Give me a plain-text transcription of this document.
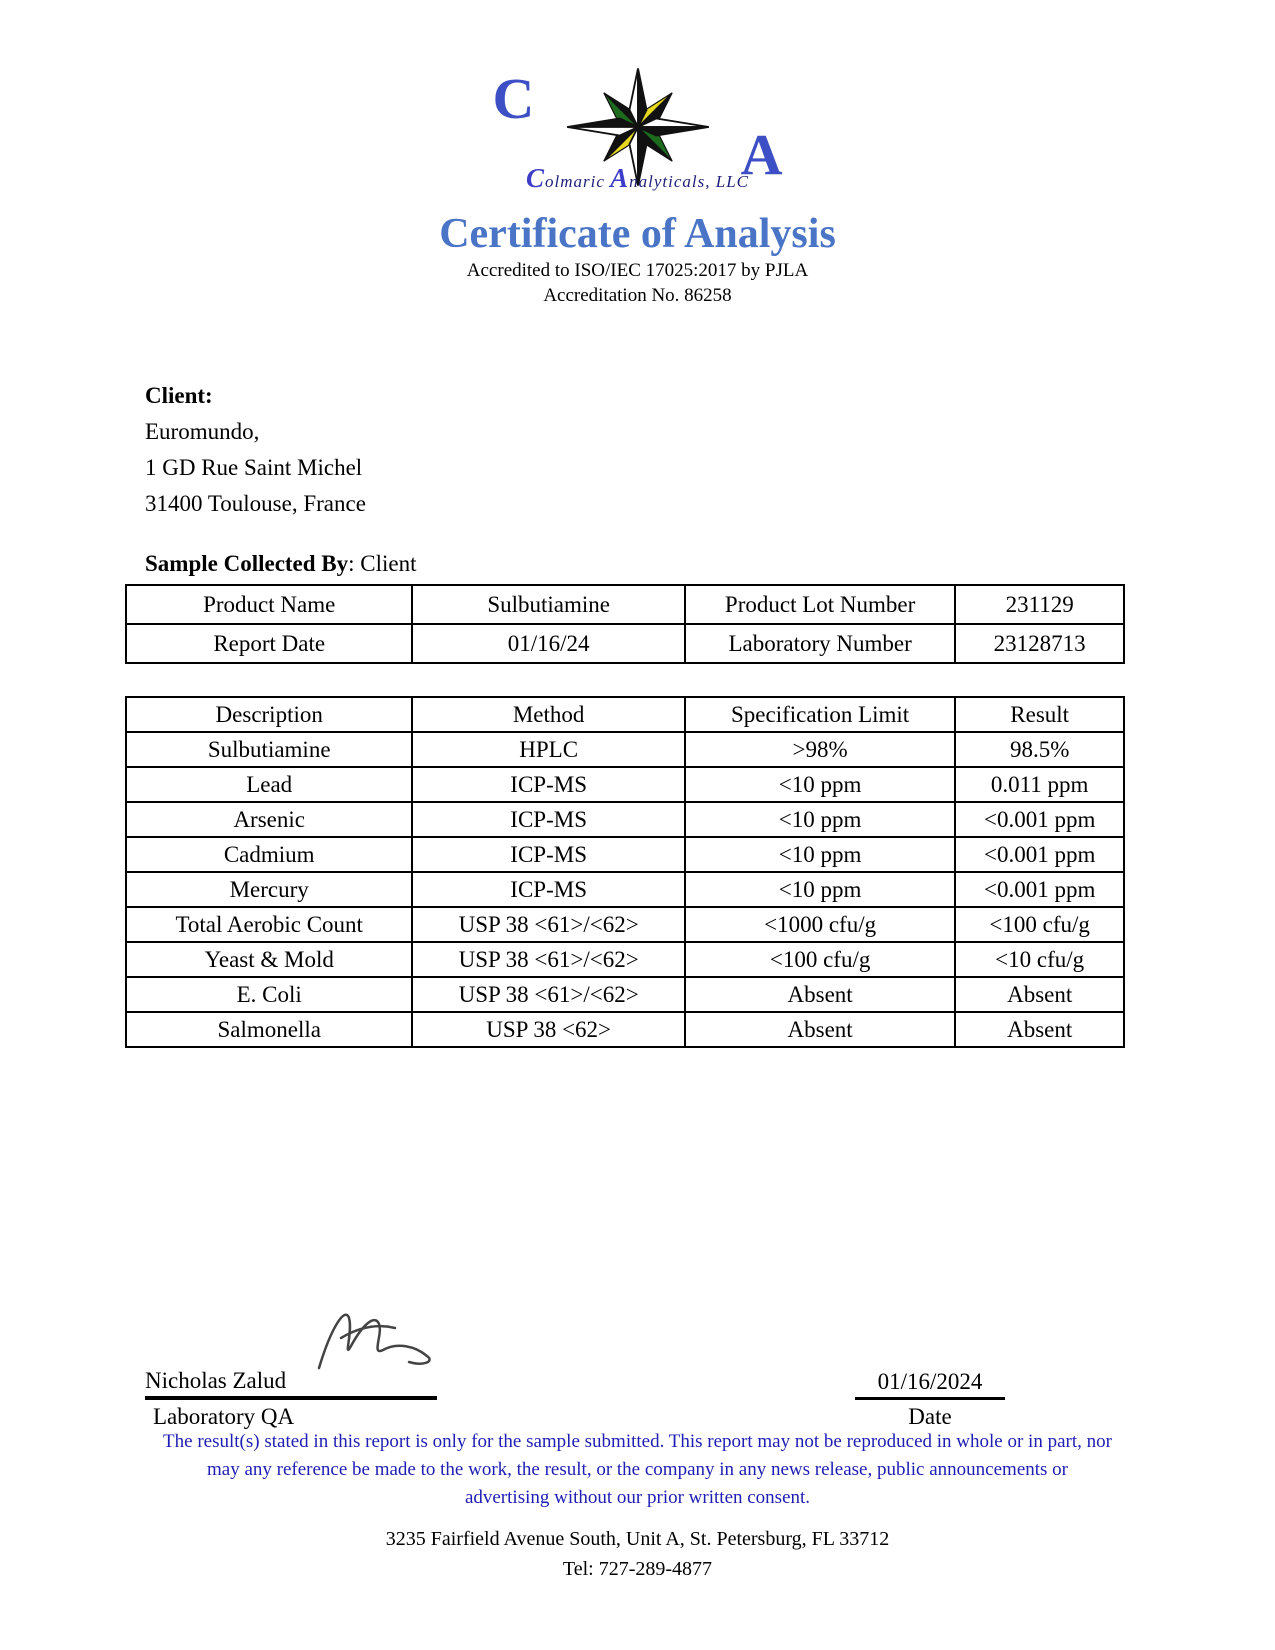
C
A
Colmaric Analyticals, LLC
Certificate of Analysis
Accredited to ISO/IEC 17025:2017 by PJLA
Accreditation No. 86258
Client:
Euromundo,
1 GD Rue Saint Michel
31400 Toulouse, France
Sample Collected By: Client
Product Name	Sulbutiamine	Product Lot Number	231129
Report Date	01/16/24	Laboratory Number	23128713
Description	Method	Specification Limit	Result
Sulbutiamine	HPLC	>98%	98.5%
Lead	ICP-MS	<10 ppm	0.011 ppm
Arsenic	ICP-MS	<10 ppm	<0.001 ppm
Cadmium	ICP-MS	<10 ppm	<0.001 ppm
Mercury	ICP-MS	<10 ppm	<0.001 ppm
Total Aerobic Count	USP 38 <61>/<62>	<1000 cfu/g	<100 cfu/g
Yeast & Mold	USP 38 <61>/<62>	<100 cfu/g	<10 cfu/g
E. Coli	USP 38 <61>/<62>	Absent	Absent
Salmonella	USP 38 <62>	Absent	Absent
Nicholas Zalud	01/16/2024
Laboratory QA	Date
The result(s) stated in this report is only for the sample submitted. This report may not be reproduced in whole or in part, nor may any reference be made to the work, the result, or the company in any news release, public announcements or advertising without our prior written consent.
3235 Fairfield Avenue South, Unit A, St. Petersburg, FL 33712
Tel: 727-289-4877
